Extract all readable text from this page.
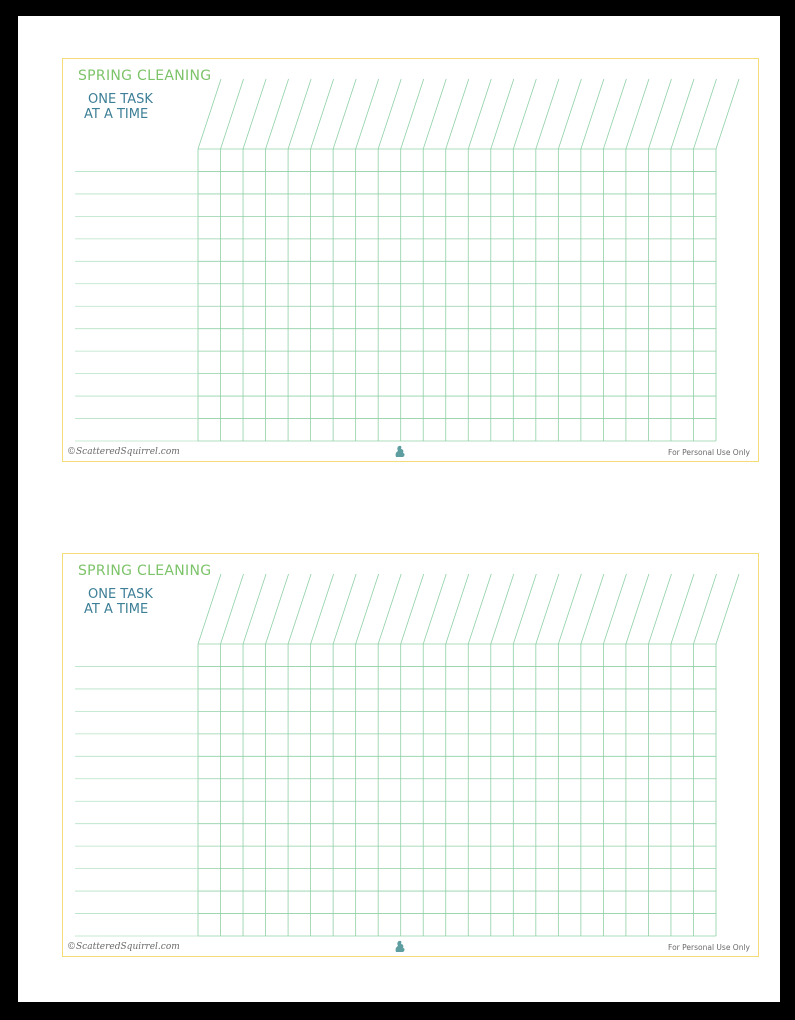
SPRING CLEANING
ONE TASK
AT A TIME
©ScatteredSquirrel.com	For Personal Use Only
SPRING CLEANING
ONE TASK
AT A TIME
©ScatteredSquirrel.com	For Personal Use Only
